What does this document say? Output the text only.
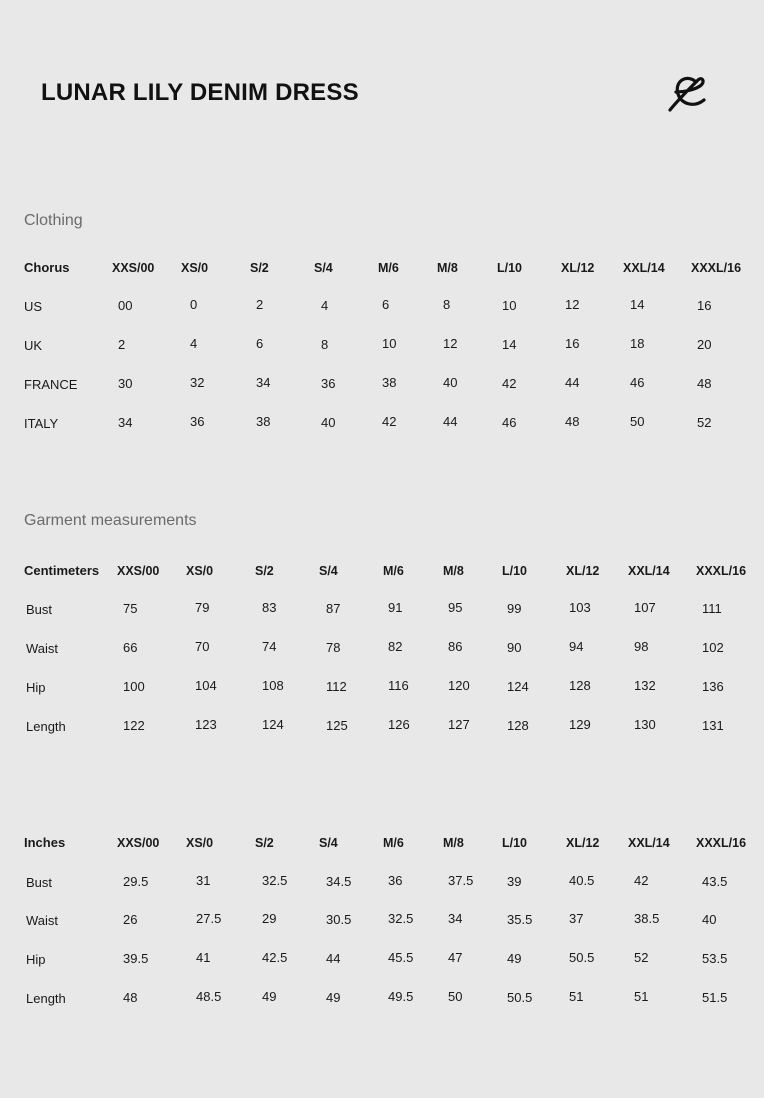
LUNAR LILY DENIM DRESS
Clothing
Garment measurements
Chorus	XXS/00 XS/0	S/2	S/4	M/6	M/8	L/10	XL/12 XXL/14 XXXL/16
US	00	0	2	4	6	8	10	12	14	16
UK	2	4	6	8	10	12	14	16	18	20
FRANCE	30	32	34	36	38	40	42	44	46	48
ITALY	34	36	38	40	42	44	46	48	50	52
Centimeters XXS/00 XS/0	S/2	S/4	M/6	M/8	L/10	XL/12 XXL/14 XXXL/16
Bust	75	79	83	87	91	95	99	103	107	111
Waist	66	70	74	78	82	86	90	94	98	102
Hip	100	104	108	112	116	120	124	128	132	136
Length	122	123	124	125	126	127	128	129	130	131
Inches	XXS/00 XS/0	S/2	S/4	M/6	M/8	L/10	XL/12 XXL/14 XXXL/16
Bust	29.5	31	32.5	34.5	36	37.5	39	40.5	42	43.5
Waist	26	27.5	29	30.5	32.5	34	35.5	37	38.5	40
Hip	39.5	41	42.5	44	45.5	47	49	50.5	52	53.5
Length	48	48.5	49	49	49.5	50	50.5	51	51	51.5
